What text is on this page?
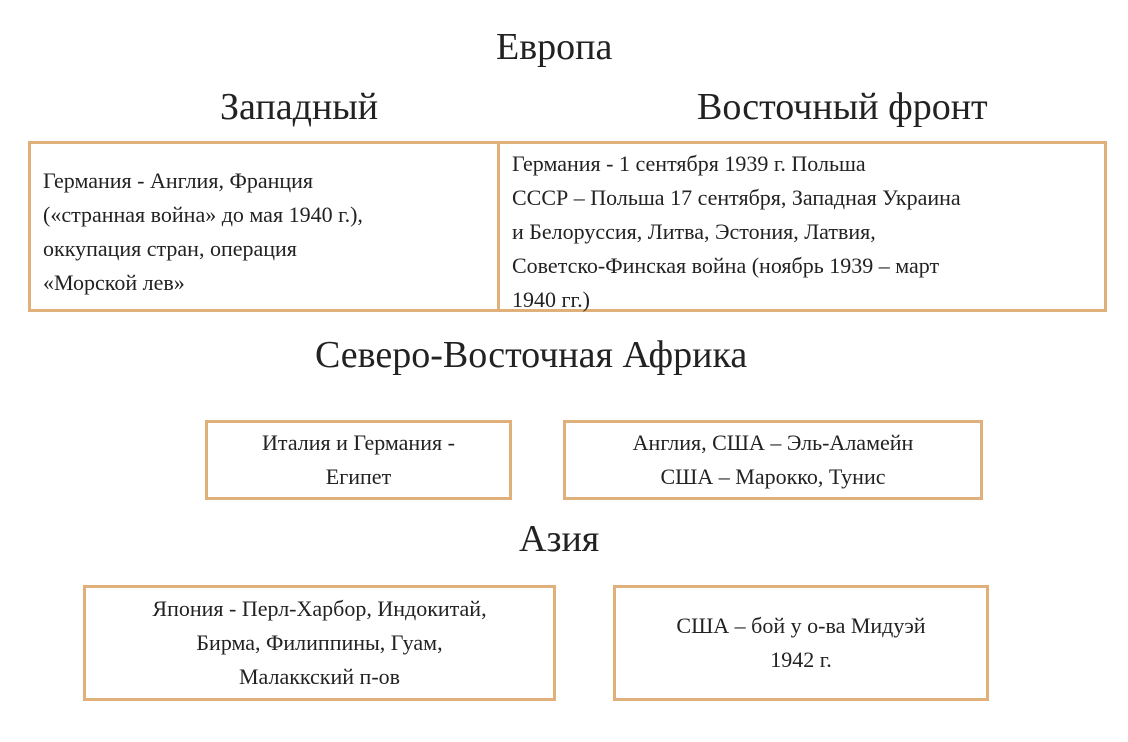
Европа
Западный	Восточный фронт
Германия - Англия, Франция
(«странная война» до мая 1940 г.),
оккупация стран, операция
«Морской лев»
Германия - 1 сентября 1939 г. Польша
СССР – Польша 17 сентября, Западная Украина
и Белоруссия, Литва, Эстония, Латвия,
Советско-Финская война (ноябрь 1939 – март
1940 гг.)
Северо-Восточная Африка
Италия и Германия -
Египет
Англия, США – Эль-Аламейн
США – Марокко, Тунис
Азия
Япония - Перл-Харбор, Индокитай,
Бирма, Филиппины, Гуам,
Малаккский п-ов
США – бой у о-ва Мидуэй
1942 г.
